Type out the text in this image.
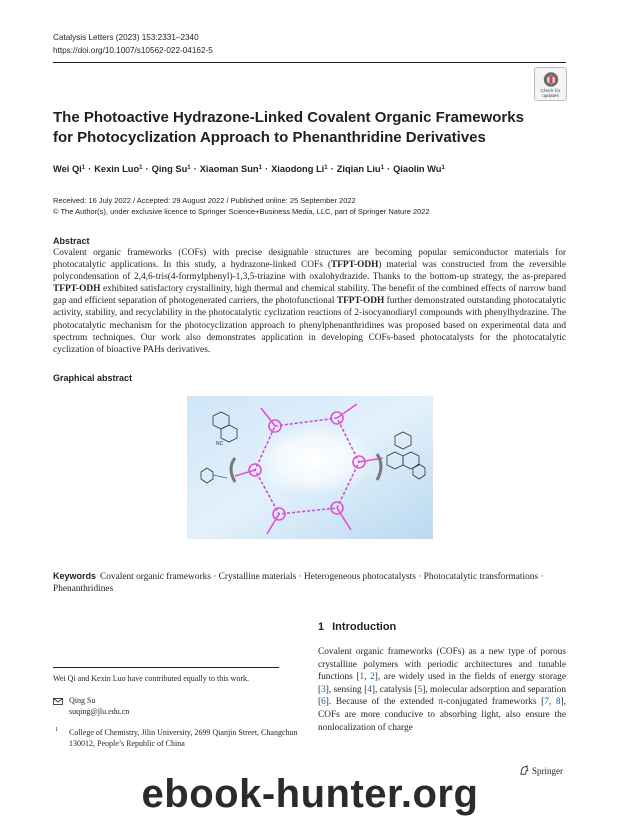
Catalysis Letters (2023) 153:2331–2340
https://doi.org/10.1007/s10562-022-04162-5
Check for
updates
The Photoactive Hydrazone-Linked Covalent Organic Frameworks for Photocyclization Approach to Phenanthridine Derivatives
Wei $Qi^1$ · Kexin Luo$^1$ · Qing $Su^1$ · Xiaoman Sun$^1$ · Xiaodong $Li^1$ · Ziqian Liu$^1$ · Qiaolin Wu$^1$
Received: 16 July 2022 / Accepted: 29 August 2022 / Published online: 25 September 2022
© The Author(s), under exclusive licence to Springer Science+Business Media, LLC, part of Springer Nature 2022
Abstract

Covalent organic frameworks (COFs) with precise designable structures are becoming popular semiconductor materials for photocatalytic applications. In this study, a hydrazone-linked COFs (TFPT-ODH) material was constructed from the reversible polycondensation of 2,4,6-tris(4-formylphenyl)-1,3,5-triazine with oxalohydrazide. Thanks to the bottom-up strategy, the as-prepared TFPT-ODH exhibited satisfactory crystallinity, high thermal and chemical stability. The benefit of the combined effects of narrow band gap and efficient separation of photogenerated carriers, the photofunctional TFPT-ODH further demonstrated outstanding photocatalytic activity, stability, and recyclability in the photocatalytic cyclization reactions of 2-isocyanodiaryl compounds with phenylhydrazine. The photocatalytic mechanism for the photocyclization approach to phenylphenanthridines was proposed based on experimental data and spectrum techniques. Our work also demonstrates application in developing COFs-based photocatalysts for the photocatalytic cyclization of bioactive PAHs derivatives.

Graphical abstract
NC

Keywords Covalent organic frameworks · Crystalline materials · Heterogeneous photocatalysts · Photocatalytic transformations · Phenanthridines

1 Introduction

Covalent organic frameworks (COFs) as a new type of porous crystalline polymers with periodic architectures and tunable functions [1, 2], are widely used in the fields of energy storage [3], sensing [4], catalysis [5], molecular adsorption and separation [6]. Because of the extended π-conjugated frameworks [7, 8], COFs are more conducive to absorbing light, also ensure the nonlocalization of charge

Wei Qi and Kexin Luo have contributed equally to this work.
Qing Su
suqing@jlu.edu.cn
1 College of Chemistry, Jilin University, 2699 Qianjin Street, Changchun 130012, People’s Republic of China
Springer
ebook-hunter.org
